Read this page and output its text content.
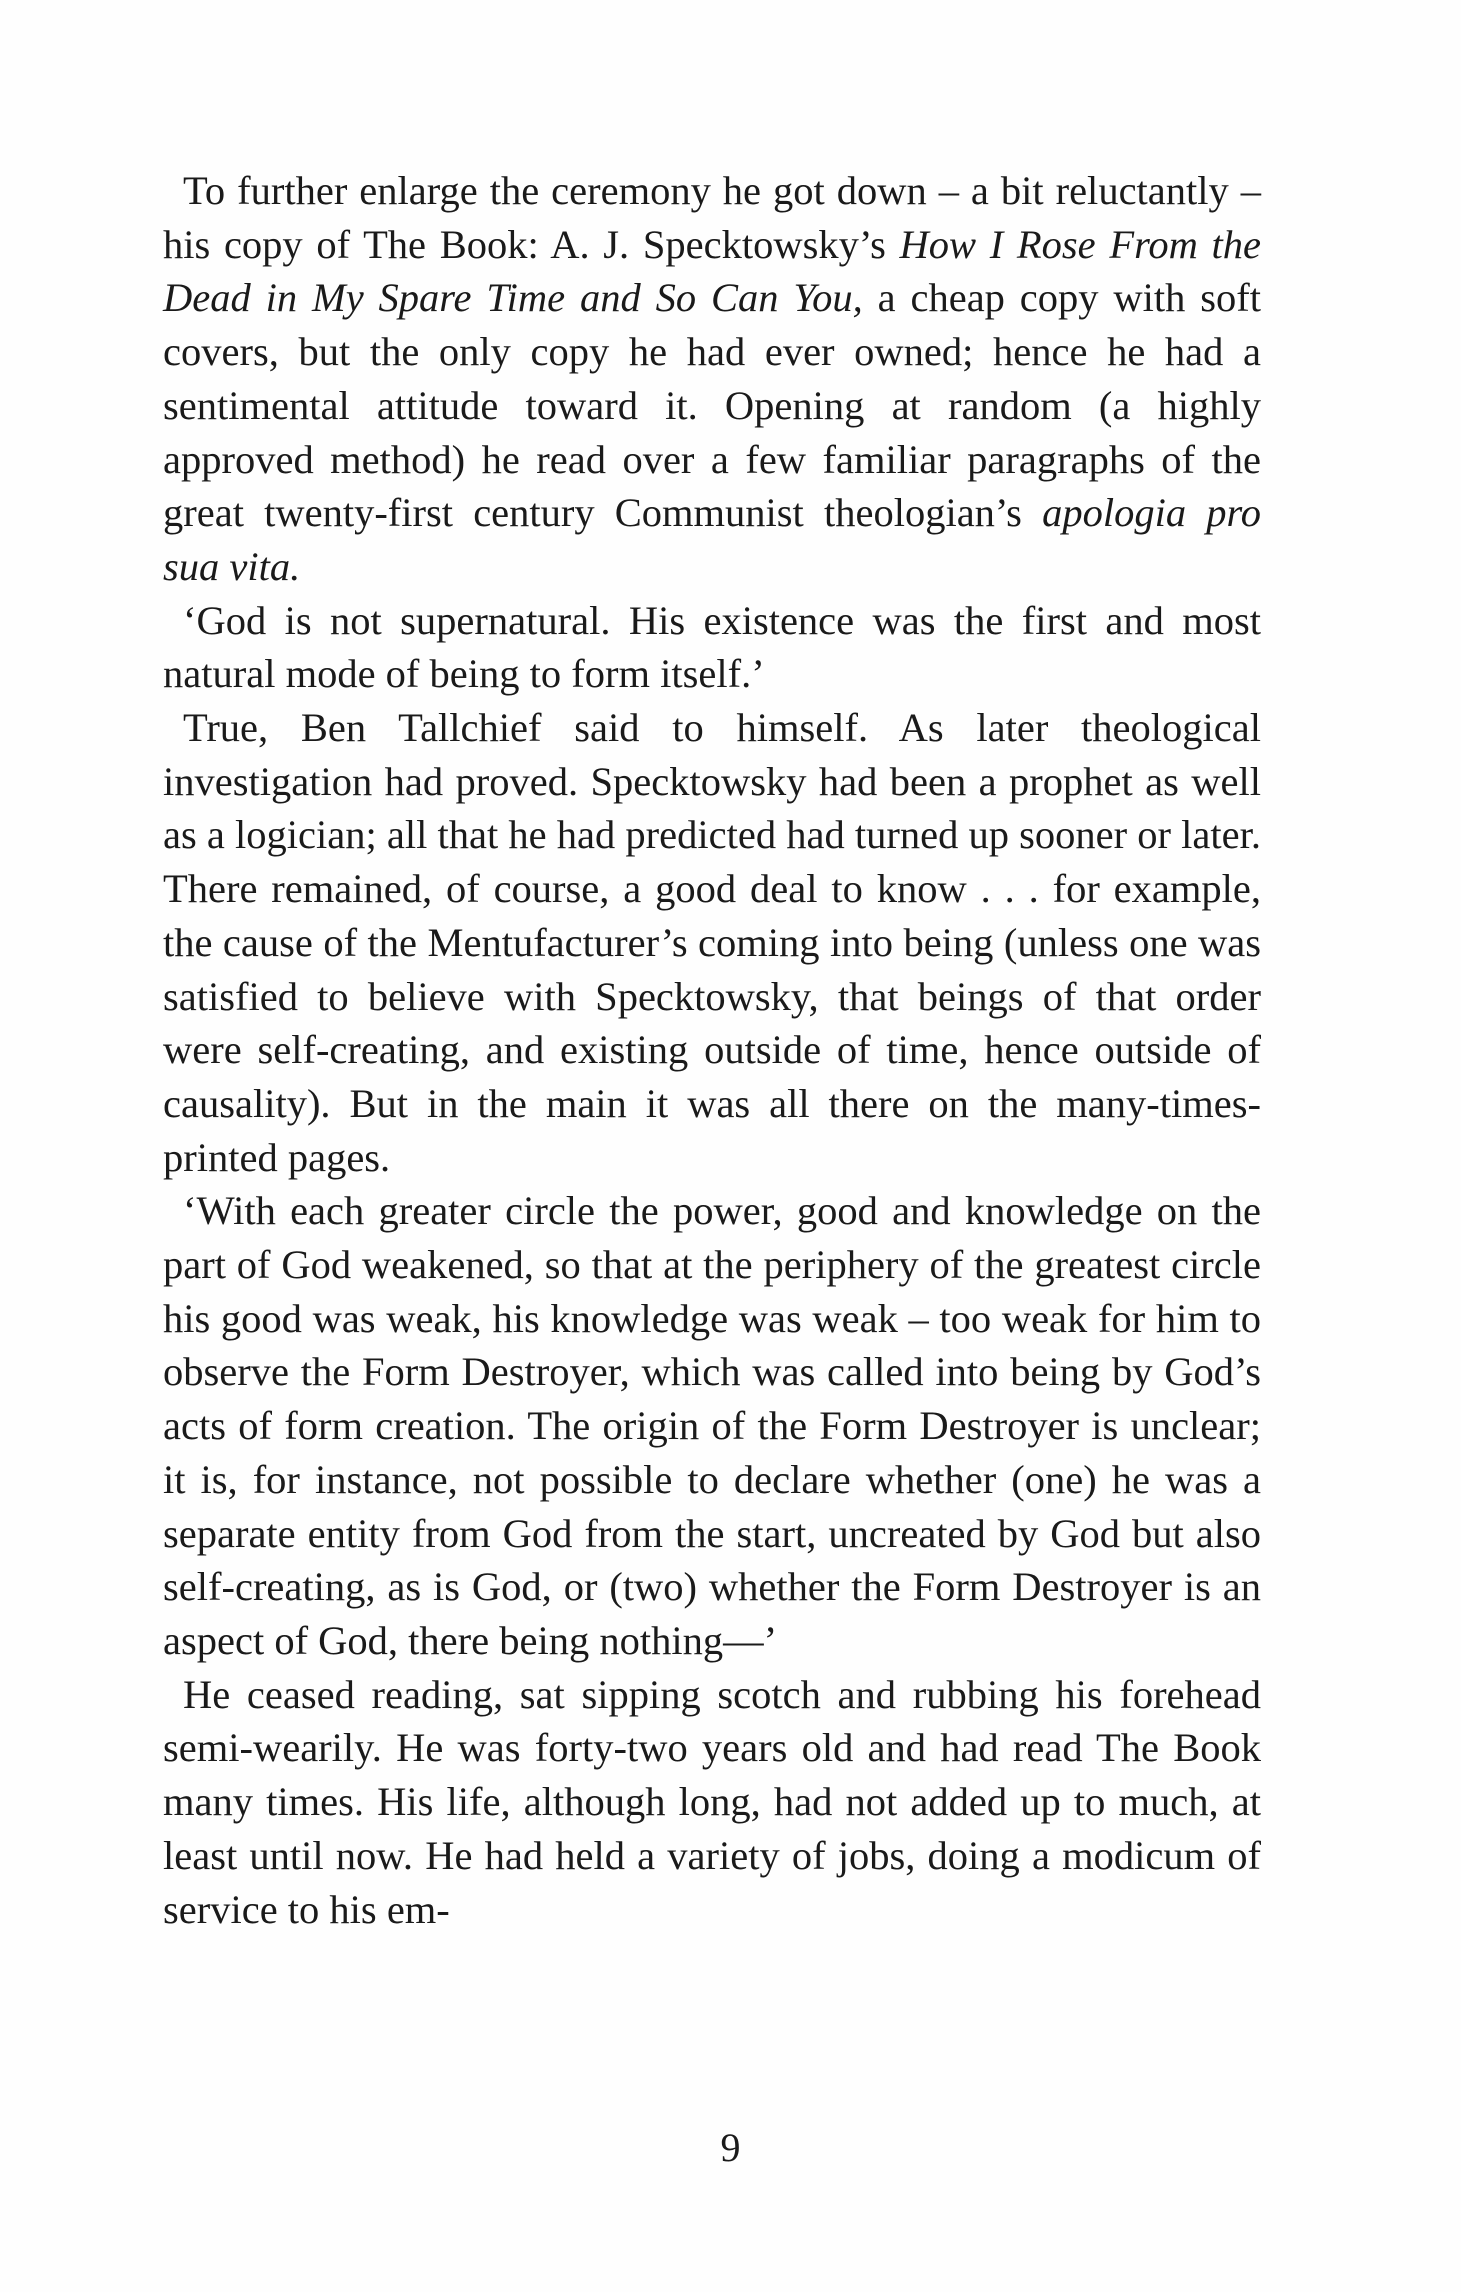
To further enlarge the ceremony he got down – a bit reluctantly – his copy of The Book: A. J. Specktowsky’s How I Rose From the Dead in My Spare Time and So Can You, a cheap copy with soft covers, but the only copy he had ever owned; hence he had a sentimental attitude toward it. Opening at random (a highly approved method) he read over a few familiar paragraphs of the great twenty-first century Communist theologian’s apologia pro sua vita.

‘God is not supernatural. His existence was the first and most natural mode of being to form itself.’

True, Ben Tallchief said to himself. As later theological investigation had proved. Specktowsky had been a prophet as well as a logician; all that he had predicted had turned up sooner or later. There remained, of course, a good deal to know . . . for example, the cause of the Mentufacturer’s coming into being (unless one was satisfied to believe with Specktowsky, that beings of that order were self-creating, and existing outside of time, hence outside of causality). But in the main it was all there on the many-times-printed pages.

‘With each greater circle the power, good and knowledge on the part of God weakened, so that at the periphery of the greatest circle his good was weak, his knowledge was weak – too weak for him to observe the Form Destroyer, which was called into being by God’s acts of form creation. The origin of the Form Destroyer is unclear; it is, for instance, not possible to declare whether (one) he was a separate entity from God from the start, uncreated by God but also self-creating, as is God, or (two) whether the Form Destroyer is an aspect of God, there being nothing—’

He ceased reading, sat sipping scotch and rubbing his forehead semi-wearily. He was forty-two years old and had read The Book many times. His life, although long, had not added up to much, at least until now. He had held a variety of jobs, doing a modicum of service to his em-

9
